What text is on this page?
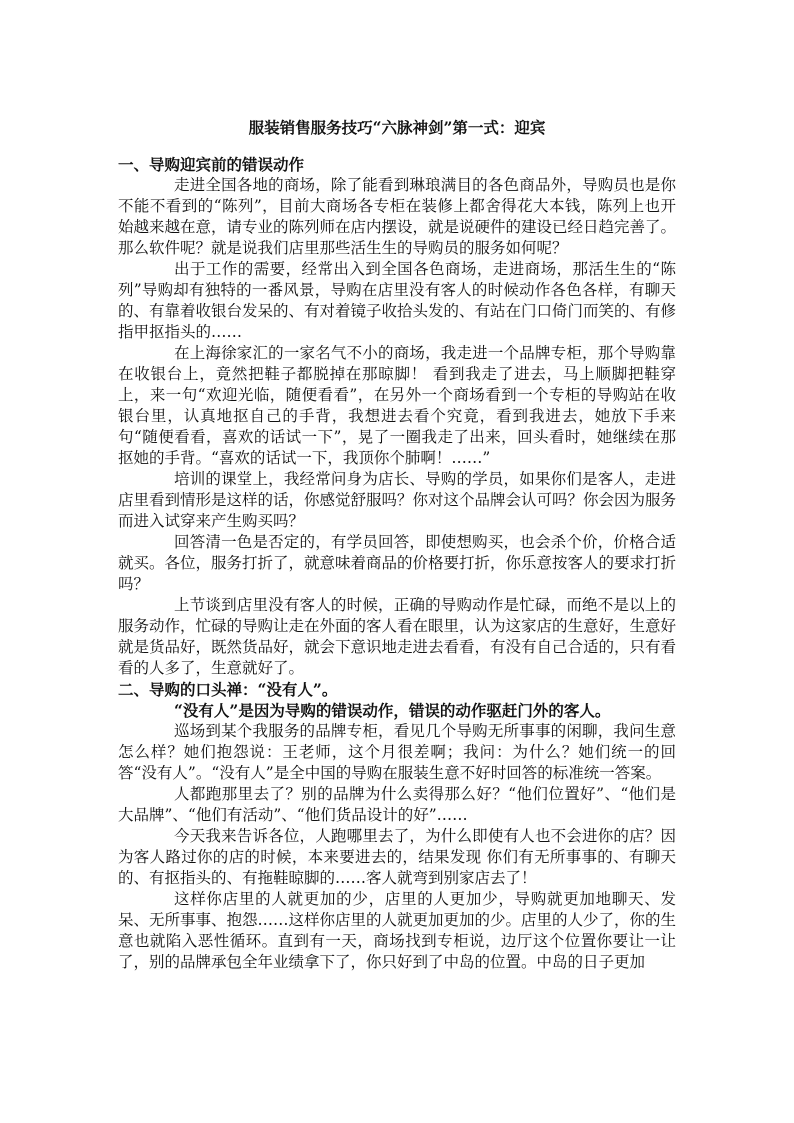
服装销售服务技巧“六脉神剑”第一式：迎宾
一、导购迎宾前的错误动作
走进全国各地的商场，除了能看到琳琅满目的各色商品外，导购员也是你不能不看到的“陈列”，目前大商场各专柜在装修上都舍得花大本钱，陈列上也开始越来越在意，请专业的陈列师在店内摆设，就是说硬件的建设已经日趋完善了。那么软件呢？就是说我们店里那些活生生的导购员的服务如何呢？
出于工作的需要，经常出入到全国各色商场，走进商场，那活生生的“陈列”导购却有独特的一番风景，导购在店里没有客人的时候动作各色各样，有聊天的、有靠着收银台发呆的、有对着镜子收拾头发的、有站在门口倚门而笑的、有修指甲抠指头的……
在上海徐家汇的一家名气不小的商场，我走进一个品牌专柜，那个导购靠在收银台上，竟然把鞋子都脱掉在那晾脚！ 看到我走了进去，马上顺脚把鞋穿上，来一句“欢迎光临，随便看看”，在另外一个商场看到一个专柜的导购站在收银台里，认真地抠自己的手背，我想进去看个究竟，看到我进去，她放下手来句“随便看看，喜欢的话试一下”，晃了一圈我走了出来，回头看时，她继续在那抠她的手背。“喜欢的话试一下，我顶你个肺啊！……”
培训的课堂上，我经常问身为店长、导购的学员，如果你们是客人，走进店里看到情形是这样的话，你感觉舒服吗？你对这个品牌会认可吗？你会因为服务而进入试穿来产生购买吗？
回答清一色是否定的，有学员回答，即使想购买，也会杀个价，价格合适就买。各位，服务打折了，就意味着商品的价格要打折，你乐意按客人的要求打折吗？
上节谈到店里没有客人的时候，正确的导购动作是忙碌，而绝不是以上的服务动作，忙碌的导购让走在外面的客人看在眼里，认为这家店的生意好，生意好就是货品好，既然货品好，就会下意识地走进去看看，有没有自己合适的，只有看看的人多了，生意就好了。
二、导购的口头禅：“没有人”。
“没有人”是因为导购的错误动作，错误的动作驱赶门外的客人。
巡场到某个我服务的品牌专柜，看见几个导购无所事事的闲聊，我问生意怎么样？她们抱怨说：王老师，这个月很差啊；我问：为什么？她们统一的回答“没有人”。“没有人”是全中国的导购在服装生意不好时回答的标准统一答案。
人都跑那里去了？别的品牌为什么卖得那么好？“他们位置好”、“他们是大品牌”、“他们有活动”、“他们货品设计的好”……
今天我来告诉各位，人跑哪里去了，为什么即使有人也不会进你的店？因为客人路过你的店的时候，本来要进去的，结果发现 你们有无所事事的、有聊天的、有抠指头的、有拖鞋晾脚的……客人就弯到别家店去了！
这样你店里的人就更加的少，店里的人更加少，导购就更加地聊天、发呆、无所事事、抱怨……这样你店里的人就更加更加的少。店里的人少了，你的生意也就陷入恶性循环。直到有一天，商场找到专柜说，边厅这个位置你要让一让了，别的品牌承包全年业绩拿下了，你只好到了中岛的位置。中岛的日子更加
